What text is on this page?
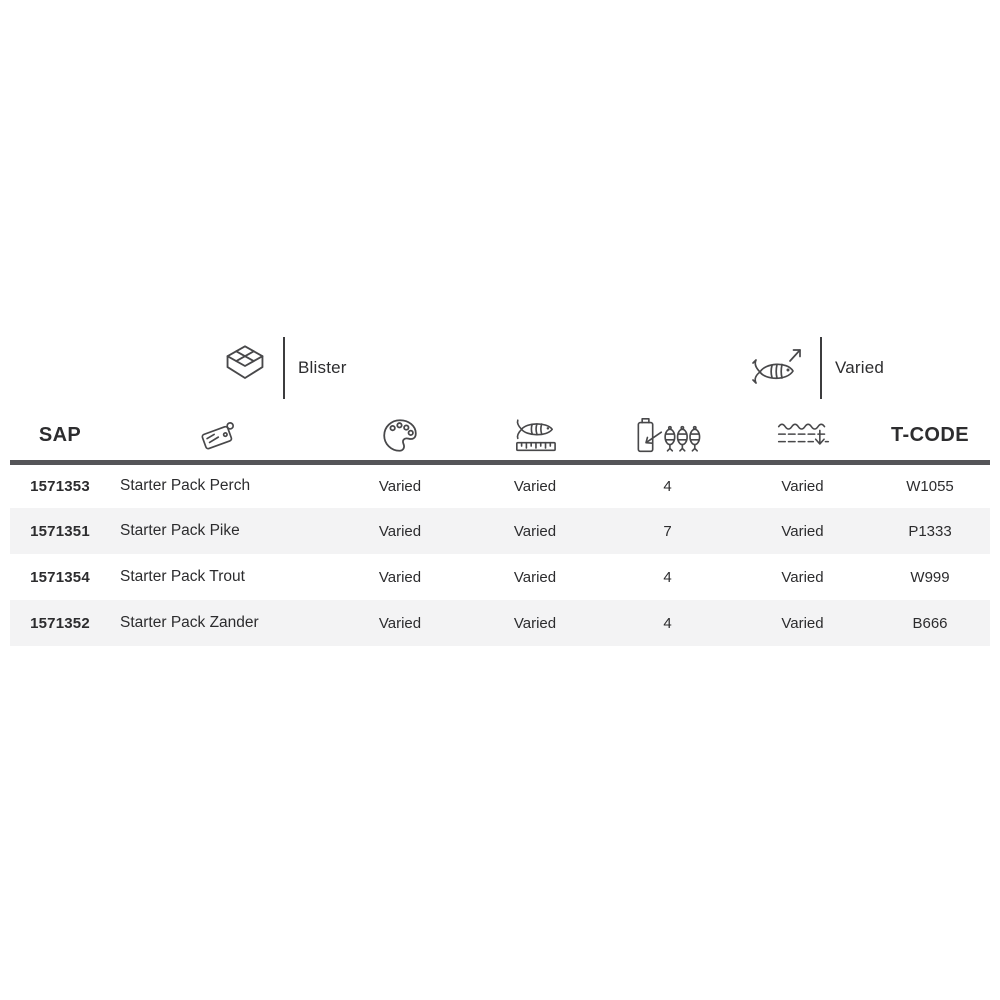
Blister	Varied
SAP						T-CODE
1571353	Starter Pack Perch	Varied	Varied	4	Varied	W1055
1571351	Starter Pack Pike	Varied	Varied	7	Varied	P1333
1571354	Starter Pack Trout	Varied	Varied	4	Varied	W999
1571352	Starter Pack Zander	Varied	Varied	4	Varied	B666
